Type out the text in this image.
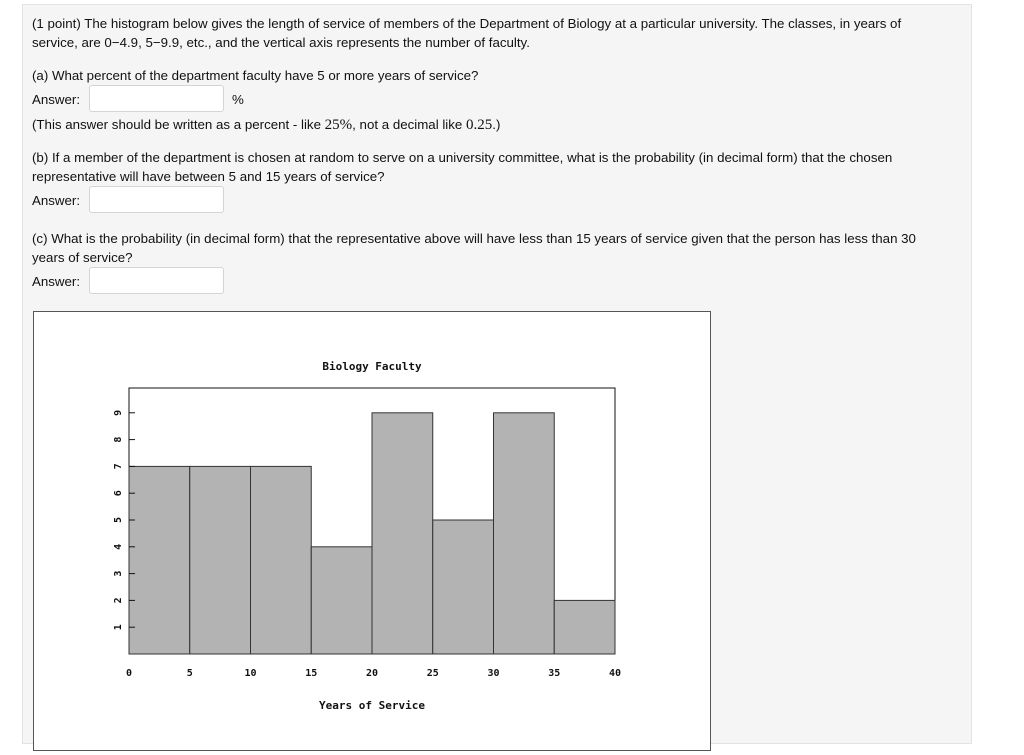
(1 point) The histogram below gives the length of service of members of the Department of Biology at a particular university. The classes, in years of
service, are 0−4.9, 5−9.9, etc., and the vertical axis represents the number of faculty.
(a) What percent of the department faculty have 5 or more years of service?
Answer:	%
(This answer should be written as a percent - like 25%, not a decimal like 0.25.)
(b) If a member of the department is chosen at random to serve on a university committee, what is the probability (in decimal form) that the chosen
representative will have between 5 and 15 years of service?
Answer:
(c) What is the probability (in decimal form) that the representative above will have less than 15 years of service given that the person has less than 30
years of service?
Answer:
Biology Faculty
1
2
3
4
5
6
7
8
9
0	5	10	15	20	25	30	35	40
Years of Service
